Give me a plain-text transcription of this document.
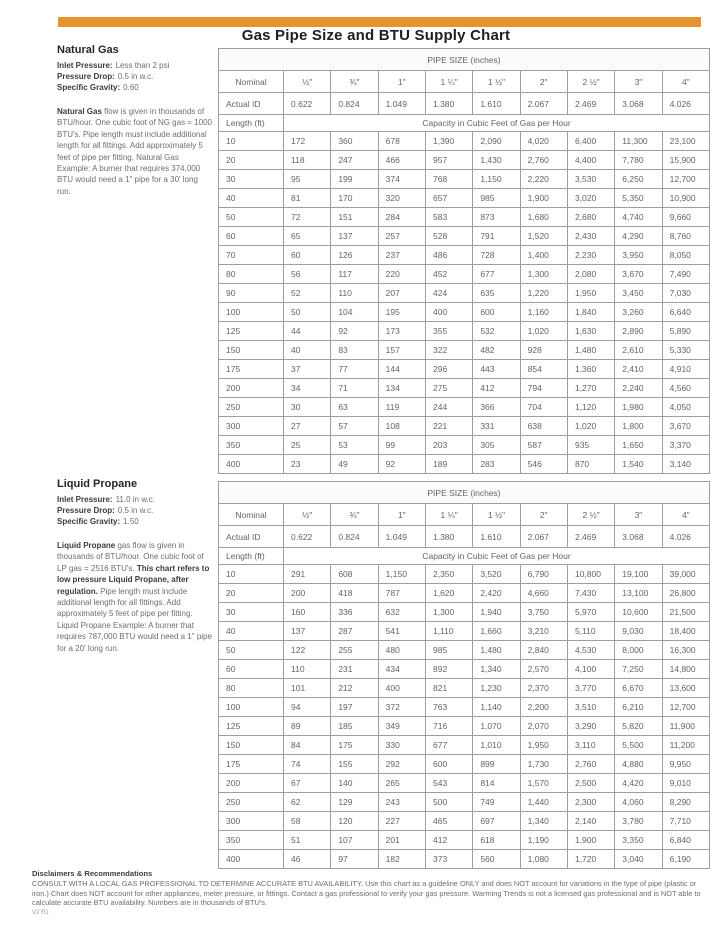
Gas Pipe Size and BTU Supply Chart
Natural Gas
Inlet Pressure: Less than 2 psi
Pressure Drop: 0.5 in w.c.
Specific Gravity: 0.60

Natural Gas flow is given in thousands of BTU/hour. One cubic foot of NG gas = 1000 BTU's. Pipe length must include additional length for all fittings. Add approximately 5 feet of pipe per fitting. Natural Gas Example: A burner that requires 374,000 BTU would need a 1" pipe for a 30' long run.

Liquid Propane
Inlet Pressure: 11.0 in w.c.
Pressure Drop: 0.5 in w.c.
Specific Gravity: 1.50

Liquid Propane gas flow is given in thousands of BTU/hour. One cubic foot of LP gas = 2516 BTU's. This chart refers to low pressure Liquid Propane, after regulation. Pipe length must include additional length for all fittings. Add approximately 5 feet of pipe per fitting. Liquid Propane Example: A burner that requires 787,000 BTU would need a 1" pipe for a 20' long run.

PIPE SIZE (inches)									
Nominal	½"	¾"	1"	1 ¼"	1 ½"	2"	2 ½"	3"	4"
Actual ID	0.622	0.824	1.049	1.380	1.610	2.067	2.469	3.068	4.026
Length (ft)	Capacity in Cubic Feet of Gas per Hour								
10	172	360	678	1,390	2,090	4,020	6,400	11,300	23,100
20	118	247	466	957	1,430	2,760	4,400	7,780	15,900
30	95	199	374	768	1,150	2,220	3,530	6,250	12,700
40	81	170	320	657	985	1,900	3,020	5,350	10,900
50	72	151	284	583	873	1,680	2,680	4,740	9,660
60	65	137	257	528	791	1,520	2,430	4,290	8,760
70	60	126	237	486	728	1,400	2,230	3,950	8,050
80	56	117	220	452	677	1,300	2,080	3,670	7,490
90	52	110	207	424	635	1,220	1,950	3,450	7,030
100	50	104	195	400	600	1,160	1,840	3,260	6,640
125	44	92	173	355	532	1,020	1,630	2,890	5,890
150	40	83	157	322	482	928	1,480	2,610	5,330
175	37	77	144	296	443	854	1,360	2,410	4,910
200	34	71	134	275	412	794	1,270	2,240	4,560
250	30	63	119	244	366	704	1,120	1,980	4,050
300	27	57	108	221	331	638	1,020	1,800	3,670
350	25	53	99	203	305	587	935	1,650	3,370
400	23	49	92	189	283	546	870	1,540	3,140
PIPE SIZE (inches)									
Nominal	½"	¾"	1"	1 ¼"	1 ½"	2"	2 ½"	3"	4"
Actual ID	0.622	0.824	1.049	1.380	1.610	2.067	2.469	3.068	4.026
Length (ft)	Capacity in Cubic Feet of Gas per Hour								
10	291	608	1,150	2,350	3,520	6,790	10,800	19,100	39,000
20	200	418	787	1,620	2,420	4,660	7,430	13,100	26,800
30	160	336	632	1,300	1,940	3,750	5,970	10,600	21,500
40	137	287	541	1,110	1,660	3,210	5,110	9,030	18,400
50	122	255	480	985	1,480	2,840	4,530	8,000	16,300
60	110	231	434	892	1,340	2,570	4,100	7,250	14,800
80	101	212	400	821	1,230	2,370	3,770	6,670	13,600
100	94	197	372	763	1,140	2,200	3,510	6,210	12,700
125	89	185	349	716	1,070	2,070	3,290	5,820	11,900
150	84	175	330	677	1,010	1,950	3,110	5,500	11,200
175	74	155	292	600	899	1,730	2,760	4,880	9,950
200	67	140	265	543	814	1,570	2,500	4,420	9,010
250	62	129	243	500	749	1,440	2,300	4,060	8,290
300	58	120	227	465	697	1,340	2,140	3,780	7,710
350	51	107	201	412	618	1,190	1,900	3,350	6,840
400	46	97	182	373	560	1,080	1,720	3,040	6,190
Disclaimers & Recommendations

CONSULT WITH A LOCAL GAS PROFESSIONAL TO DETERMINE ACCURATE BTU AVAILABILITY. Use this chart as a guideline ONLY and does NOT account for variations in the type of pipe (plastic or iron.) Chart does NOT account for other appliances, meter pressure, or fittings. Contact a gas professional to verify your gas pressure. Warming Trends is not a licensed gas professional and is NOT able to calculate accurate BTU availability. Numbers are in thousands of BTU's.

V2 R1
